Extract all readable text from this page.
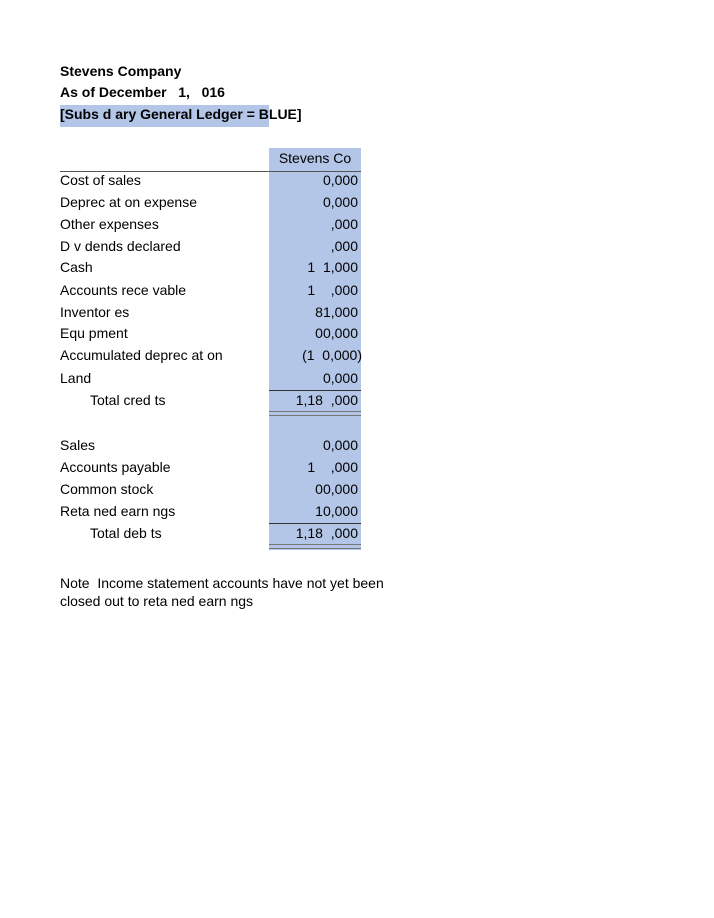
Stevens Company
As of December   1,   016
[Subs d ary General Ledger = BLUE]
Stevens Co
Cost of sales	0,000
Deprec at on expense	0,000
Other expenses	,000
D v dends declared	,000
Cash	1  1,000
Accounts rece vable	1    ,000
Inventor es	81,000
Equ pment	00,000
Accumulated deprec at on	(1  0,000)
Land	0,000
Total cred ts	1,18  ,000
Sales	0,000
Accounts payable	1    ,000
Common stock	00,000
Reta ned earn ngs	10,000
Total deb ts	1,18  ,000
Note  Income statement accounts have not yet been
closed out to reta ned earn ngs
